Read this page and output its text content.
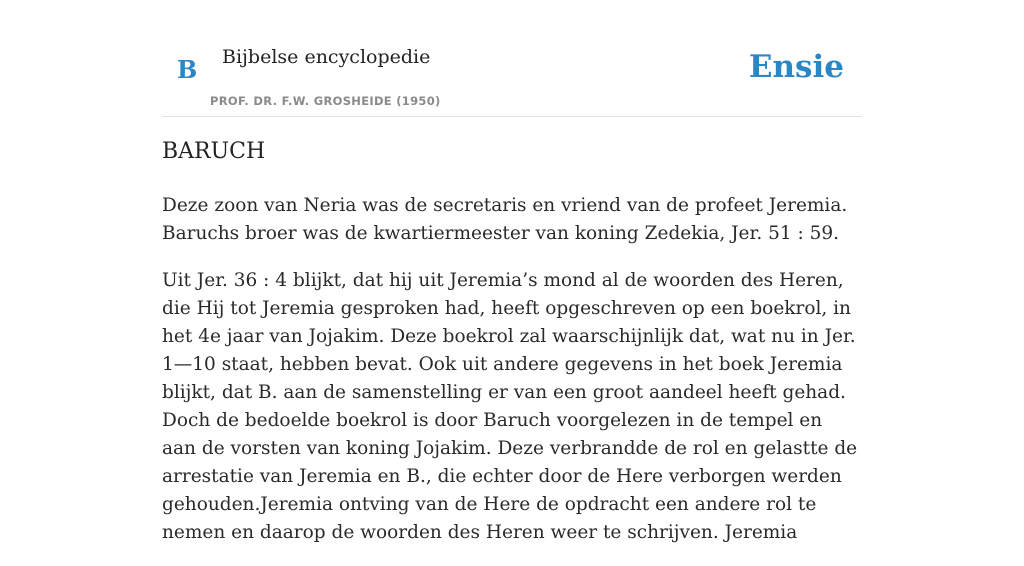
B Bijbelse encyclopedie
PROF. DR. F.W. GROSHEIDE (1950)
Ensie
BARUCH

Deze zoon van Neria was de secretaris en vriend van de profeet Jeremia. Baruchs broer was de kwartiermeester van koning Zedekia, Jer. 51 : 59.

Uit Jer. 36 : 4 blijkt, dat hij uit Jeremia’s mond al de woorden des Heren, die Hij tot Jeremia gesproken had, heeft opgeschreven op een boekrol, in het 4e jaar van Jojakim. Deze boekrol zal waarschijnlijk dat, wat nu in Jer. 1—10 staat, hebben bevat. Ook uit andere gegevens in het boek Jeremia blijkt, dat B. aan de samenstelling er van een groot aandeel heeft gehad. Doch de bedoelde boekrol is door Baruch voorgelezen in de tempel en aan de vorsten van koning Jojakim. Deze verbrandde de rol en gelastte de arrestatie van Jeremia en B., die echter door de Here verborgen werden gehouden.Jeremia ontving van de Here de opdracht een andere rol te nemen en daarop de woorden des Heren weer te schrijven. Jeremia
